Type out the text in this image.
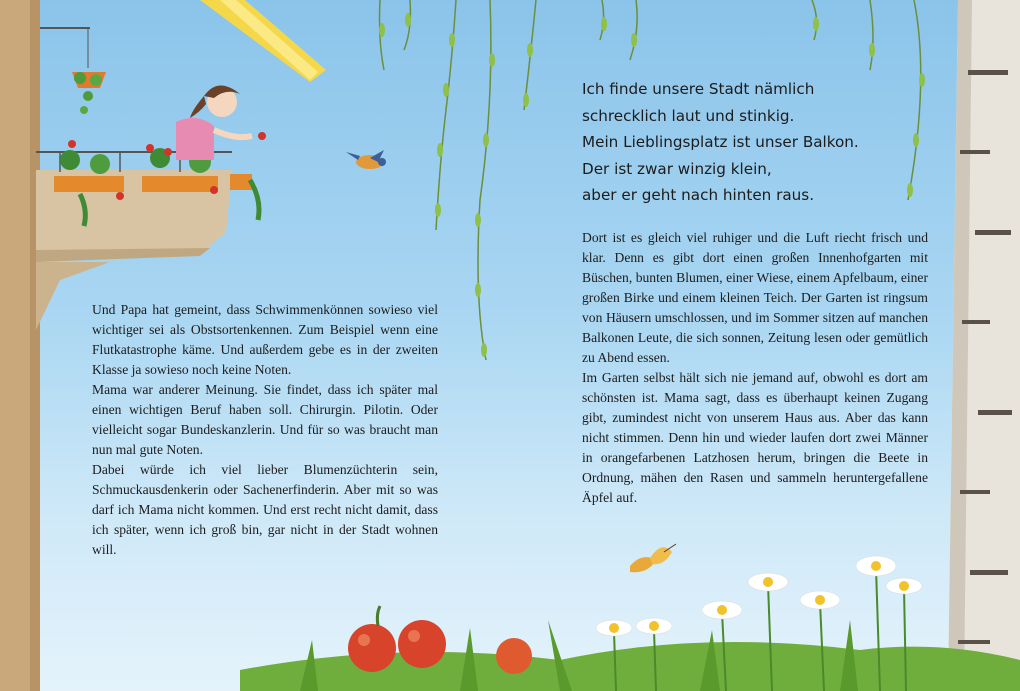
Ich finde unsere Stadt nämlich
schrecklich laut und stinkig.
Mein Lieblingsplatz ist unser Balkon.
Der ist zwar winzig klein,
aber er geht nach hinten raus.

Und Papa hat gemeint, dass Schwimmenkönnen sowieso viel wichtiger sei als Obstsortenkennen. Zum Beispiel wenn eine Flutkatastrophe käme. Und außerdem gebe es in der zweiten Klasse ja sowieso noch keine Noten.

Mama war anderer Meinung. Sie findet, dass ich später mal einen wichtigen Beruf haben soll. Chirurgin. Pilotin. Oder vielleicht sogar Bundeskanzlerin. Und für so was braucht man nun mal gute Noten.

Dabei würde ich viel lieber Blumenzüchterin sein, Schmuckausdenkerin oder Sachenerfinderin. Aber mit so was darf ich Mama nicht kommen. Und erst recht nicht damit, dass ich später, wenn ich groß bin, gar nicht in der Stadt wohnen will.

Dort ist es gleich viel ruhiger und die Luft riecht frisch und klar. Denn es gibt dort einen großen Innenhofgarten mit Büschen, bunten Blumen, einer Wiese, einem Apfelbaum, einer großen Birke und einem kleinen Teich. Der Garten ist ringsum von Häusern umschlossen, und im Sommer sitzen auf manchen Balkonen Leute, die sich sonnen, Zeitung lesen oder gemütlich zu Abend essen.

Im Garten selbst hält sich nie jemand auf, obwohl es dort am schönsten ist. Mama sagt, dass es überhaupt keinen Zugang gibt, zumindest nicht von unserem Haus aus. Aber das kann nicht stimmen. Denn hin und wieder laufen dort zwei Männer in orangefarbenen Latzhosen herum, bringen die Beete in Ordnung, mähen den Rasen und sammeln heruntergefallene Äpfel auf.
